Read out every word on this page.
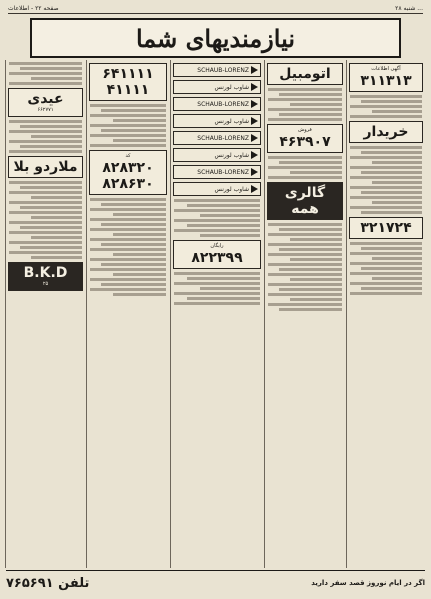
صفحه ۲۲ - اطلاعات	شنبه ۲۸ ...
نیازمندیهای شما
آگهی اطلاعات
۳۱۱۳۱۳
خریدار
۳۲۱۷۲۴
اتومبیل
فروش
۴۶۳۹۰۷
گالری همه
SCHAUB-LORENZ
شاوب لورنس
SCHAUB-LORENZ
شاوب لورنس
SCHAUB-LORENZ
شاوب لورنس
SCHAUB-LORENZ
شاوب لورنس
رایگان
۸۲۲۳۹۹
۶۴۱۱۱۱
۴۱۱۱۱
کد
۸۲۸۳۲۰
۸۲۸۶۳۰
عیدی
۶۶۲۷۷۱
ملاردو بلا
B.K.D
۲۵
اگر در ایام نوروز قصد سفر دارید
۷۶۵۶۹۱ تلفن
